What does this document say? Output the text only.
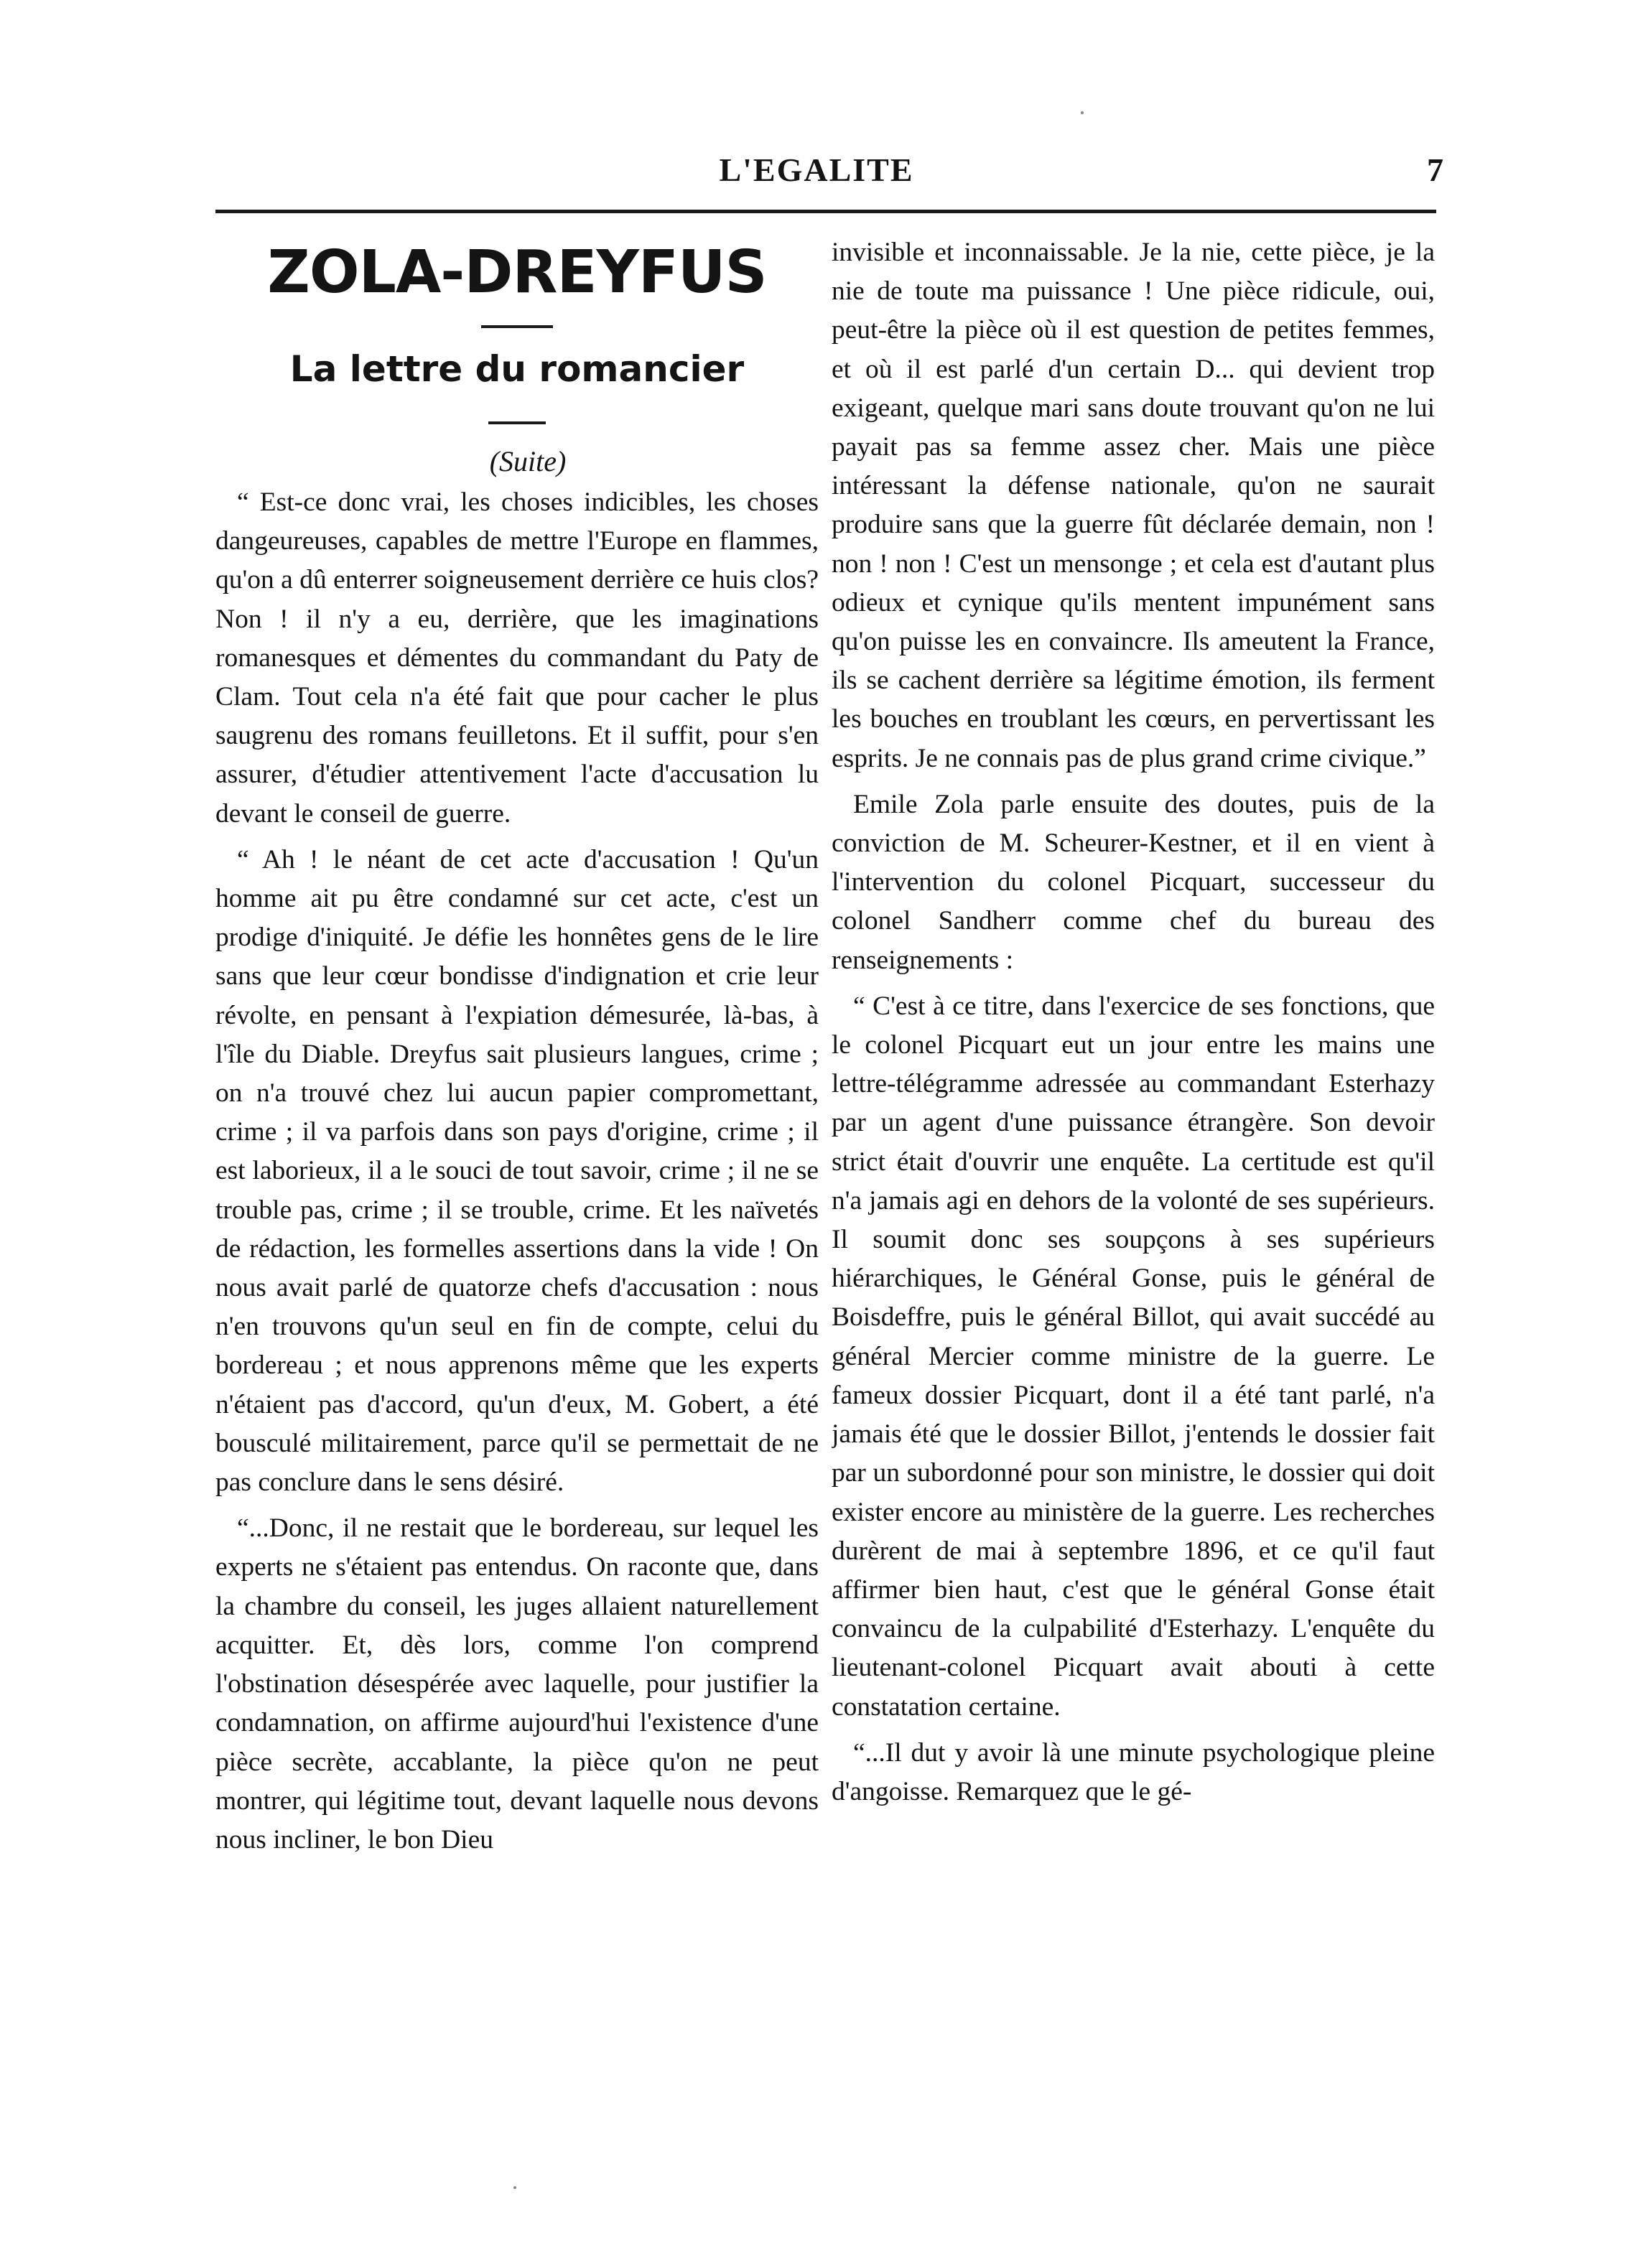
L'EGALITE	7
ZOLA-DREYFUS
La lettre du romancier

(Suite)

“ Est-ce donc vrai, les choses indicibles, les choses dangeureuses, capables de mettre l'Europe en flammes, qu'on a dû enterrer soigneusement derrière ce huis clos? Non ! il n'y a eu, derrière, que les imaginations romanesques et démentes du commandant du Paty de Clam. Tout cela n'a été fait que pour cacher le plus saugrenu des romans feuilletons. Et il suffit, pour s'en assurer, d'étudier attentivement l'acte d'accusation lu devant le conseil de guerre.

“ Ah ! le néant de cet acte d'accusation ! Qu'un homme ait pu être condamné sur cet acte, c'est un prodige d'iniquité. Je défie les honnêtes gens de le lire sans que leur cœur bondisse d'indignation et crie leur révolte, en pensant à l'expiation démesurée, là-bas, à l'île du Diable. Dreyfus sait plusieurs langues, crime ; on n'a trouvé chez lui aucun papier compromettant, crime ; il va parfois dans son pays d'origine, crime ; il est laborieux, il a le souci de tout savoir, crime ; il ne se trouble pas, crime ; il se trouble, crime. Et les naïvetés de rédaction, les formelles assertions dans la vide ! On nous avait parlé de quatorze chefs d'accusation : nous n'en trouvons qu'un seul en fin de compte, celui du bordereau ; et nous apprenons même que les experts n'étaient pas d'accord, qu'un d'eux, M. Gobert, a été bousculé militairement, parce qu'il se permettait de ne pas conclure dans le sens désiré.

“...Donc, il ne restait que le bordereau, sur lequel les experts ne s'étaient pas entendus. On raconte que, dans la chambre du conseil, les juges allaient naturellement acquitter. Et, dès lors, comme l'on comprend l'obstination désespérée avec laquelle, pour justifier la condamnation, on affirme aujourd'hui l'existence d'une pièce secrète, accablante, la pièce qu'on ne peut montrer, qui légitime tout, devant laquelle nous devons nous incliner, le bon Dieu

invisible et inconnaissable. Je la nie, cette pièce, je la nie de toute ma puissance ! Une pièce ridicule, oui, peut-être la pièce où il est question de petites femmes, et où il est parlé d'un certain D... qui devient trop exigeant, quelque mari sans doute trouvant qu'on ne lui payait pas sa femme assez cher. Mais une pièce intéressant la défense nationale, qu'on ne saurait produire sans que la guerre fût déclarée demain, non ! non ! non ! C'est un mensonge ; et cela est d'autant plus odieux et cynique qu'ils mentent impunément sans qu'on puisse les en convaincre. Ils ameutent la France, ils se cachent derrière sa légitime émotion, ils ferment les bouches en troublant les cœurs, en pervertissant les esprits. Je ne connais pas de plus grand crime civique.”

Emile Zola parle ensuite des doutes, puis de la conviction de M. Scheurer-Kestner, et il en vient à l'intervention du colonel Picquart, successeur du colonel Sandherr comme chef du bureau des renseignements :

“ C'est à ce titre, dans l'exercice de ses fonctions, que le colonel Picquart eut un jour entre les mains une lettre-télégramme adressée au commandant Esterhazy par un agent d'une puissance étrangère. Son devoir strict était d'ouvrir une enquête. La certitude est qu'il n'a jamais agi en dehors de la volonté de ses supérieurs. Il soumit donc ses soupçons à ses supérieurs hiérarchiques, le Général Gonse, puis le général de Boisdeffre, puis le général Billot, qui avait succédé au général Mercier comme ministre de la guerre. Le fameux dossier Picquart, dont il a été tant parlé, n'a jamais été que le dossier Billot, j'entends le dossier fait par un subordonné pour son ministre, le dossier qui doit exister encore au ministère de la guerre. Les recherches durèrent de mai à septembre 1896, et ce qu'il faut affirmer bien haut, c'est que le général Gonse était convaincu de la culpabilité d'Esterhazy. L'enquête du lieutenant-colonel Picquart avait abouti à cette constatation certaine.

“...Il dut y avoir là une minute psychologique pleine d'angoisse. Remarquez que le gé-
